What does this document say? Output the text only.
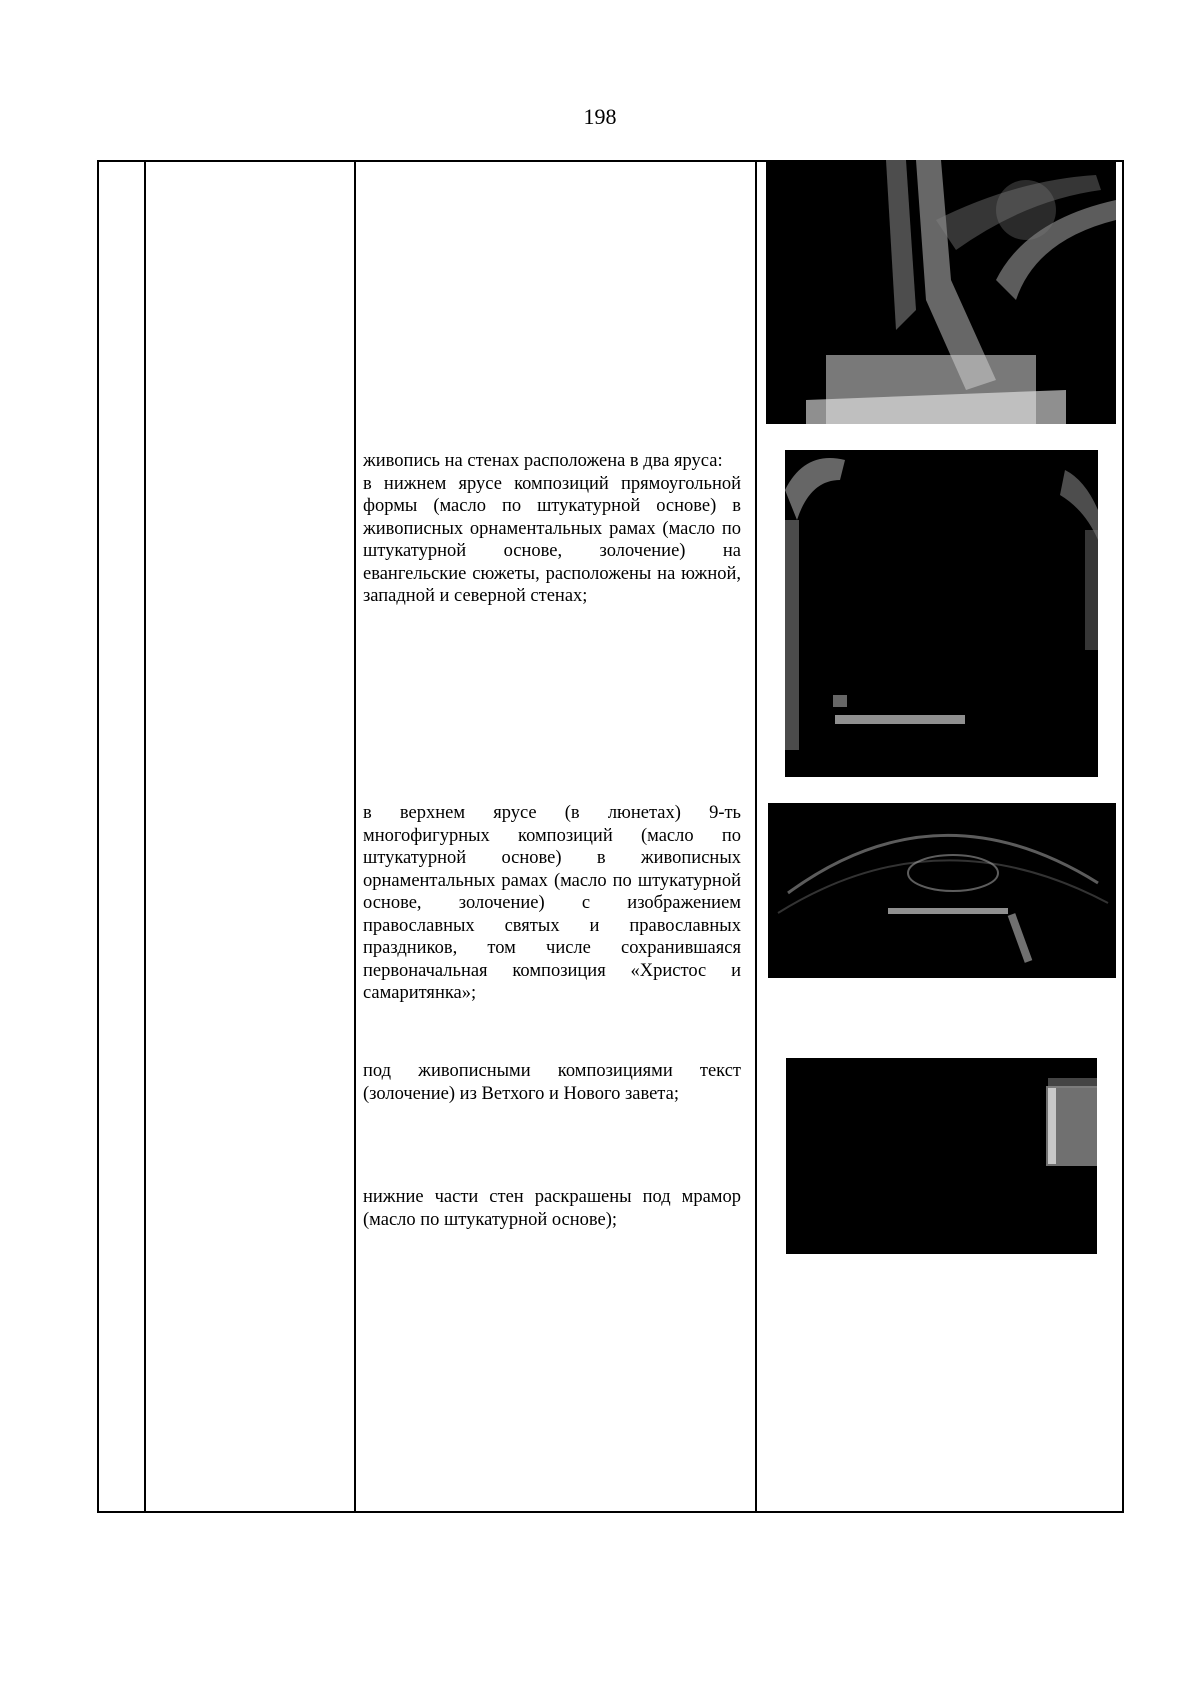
198

живопись на стенах расположена в два яруса:

в нижнем ярусе композиций прямоугольной формы (масло по штукатурной основе) в живописных орнаментальных рамах (масло по штукатурной основе, золочение) на евангельские сюжеты, расположены на южной, западной и северной стенах;

в верхнем ярусе (в люнетах) 9-ть многофигурных композиций (масло по штукатурной основе) в живописных орнаментальных рамах (масло по штукатурной основе, золочение) с изображением православных святых и православных праздников, том числе сохранившаяся первоначальная композиция «Христос и самаритянка»;

под живописными композициями текст (золочение) из Ветхого и Нового завета;

нижние части стен раскрашены под мрамор (масло по штукатурной основе);
